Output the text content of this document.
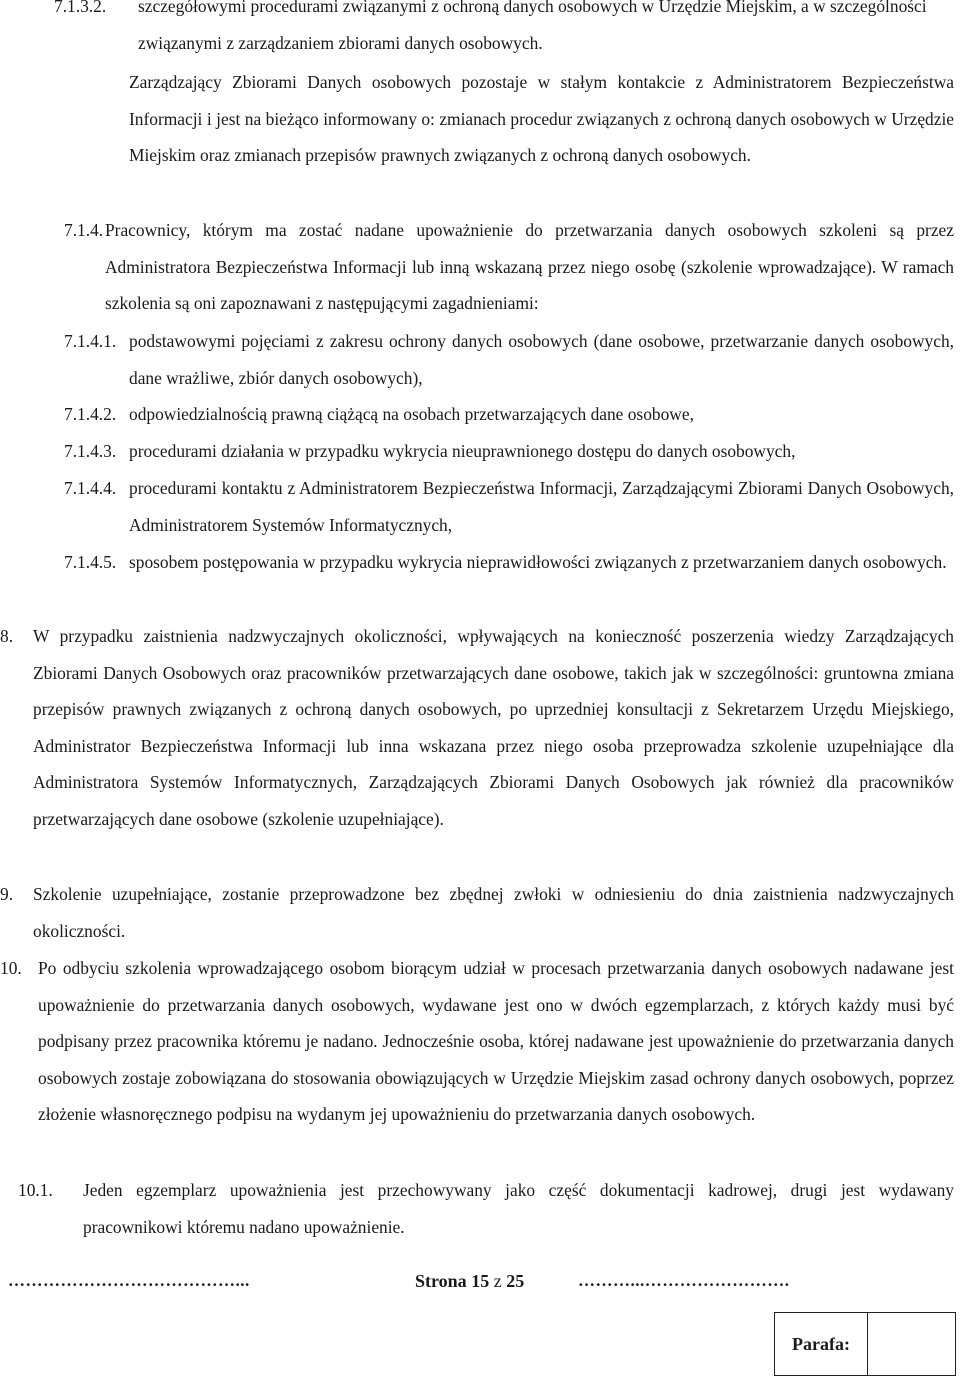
7.1.3.2.	szczegółowymi procedurami związanymi z ochroną danych osobowych w Urzędzie Miejskim, a w szczególności związanymi z zarządzaniem zbiorami danych osobowych.
Zarządzający Zbiorami Danych osobowych pozostaje w stałym kontakcie z Administratorem Bezpieczeństwa Informacji i jest na bieżąco informowany o: zmianach procedur związanych z ochroną danych osobowych w Urzędzie Miejskim oraz zmianach przepisów prawnych związanych z ochroną danych osobowych.
7.1.4. Pracownicy, którym ma zostać nadane upoważnienie do przetwarzania danych osobowych szkoleni są przez Administratora Bezpieczeństwa Informacji lub inną wskazaną przez niego osobę (szkolenie wprowadzające). W ramach szkolenia są oni zapoznawani z następującymi zagadnieniami:
7.1.4.1. podstawowymi pojęciami z zakresu ochrony danych osobowych (dane osobowe, przetwarzanie danych osobowych, dane wrażliwe, zbiór danych osobowych),
7.1.4.2. odpowiedzialnością prawną ciążącą na osobach przetwarzających dane osobowe,
7.1.4.3. procedurami działania w przypadku wykrycia nieuprawnionego dostępu do danych osobowych,
7.1.4.4. procedurami kontaktu z Administratorem Bezpieczeństwa Informacji, Zarządzającymi Zbiorami Danych Osobowych, Administratorem Systemów Informatycznych,
7.1.4.5. sposobem postępowania w przypadku wykrycia nieprawidłowości związanych z przetwarzaniem danych osobowych.
8.	W przypadku zaistnienia nadzwyczajnych okoliczności, wpływających na konieczność poszerzenia wiedzy Zarządzających Zbiorami Danych Osobowych oraz pracowników przetwarzających dane osobowe, takich jak w szczególności: gruntowna zmiana przepisów prawnych związanych z ochroną danych osobowych, po uprzedniej konsultacji z Sekretarzem Urzędu Miejskiego, Administrator Bezpieczeństwa Informacji lub inna wskazana przez niego osoba przeprowadza szkolenie uzupełniające dla Administratora Systemów Informatycznych, Zarządzających Zbiorami Danych Osobowych jak również dla pracowników przetwarzających dane osobowe (szkolenie uzupełniające).
9.	Szkolenie uzupełniające, zostanie przeprowadzone bez zbędnej zwłoki w odniesieniu do dnia zaistnienia nadzwyczajnych okoliczności.
10. Po odbyciu szkolenia wprowadzającego osobom biorącym udział w procesach przetwarzania danych osobowych nadawane jest upoważnienie do przetwarzania danych osobowych, wydawane jest ono w dwóch egzemplarzach, z których każdy musi być podpisany przez pracownika któremu je nadano. Jednocześnie osoba, której nadawane jest upoważnienie do przetwarzania danych osobowych zostaje zobowiązana do stosowania obowiązujących w Urzędzie Miejskim zasad ochrony danych osobowych, poprzez złożenie własnoręcznego podpisu na wydanym jej upoważnieniu do przetwarzania danych osobowych.
10.1.	Jeden egzemplarz upoważnienia jest przechowywany jako część dokumentacji kadrowej, drugi jest wydawany pracownikowi któremu nadano upoważnienie.
…………………………………...	Strona 15 z 25	………...…………………….
Parafa:
